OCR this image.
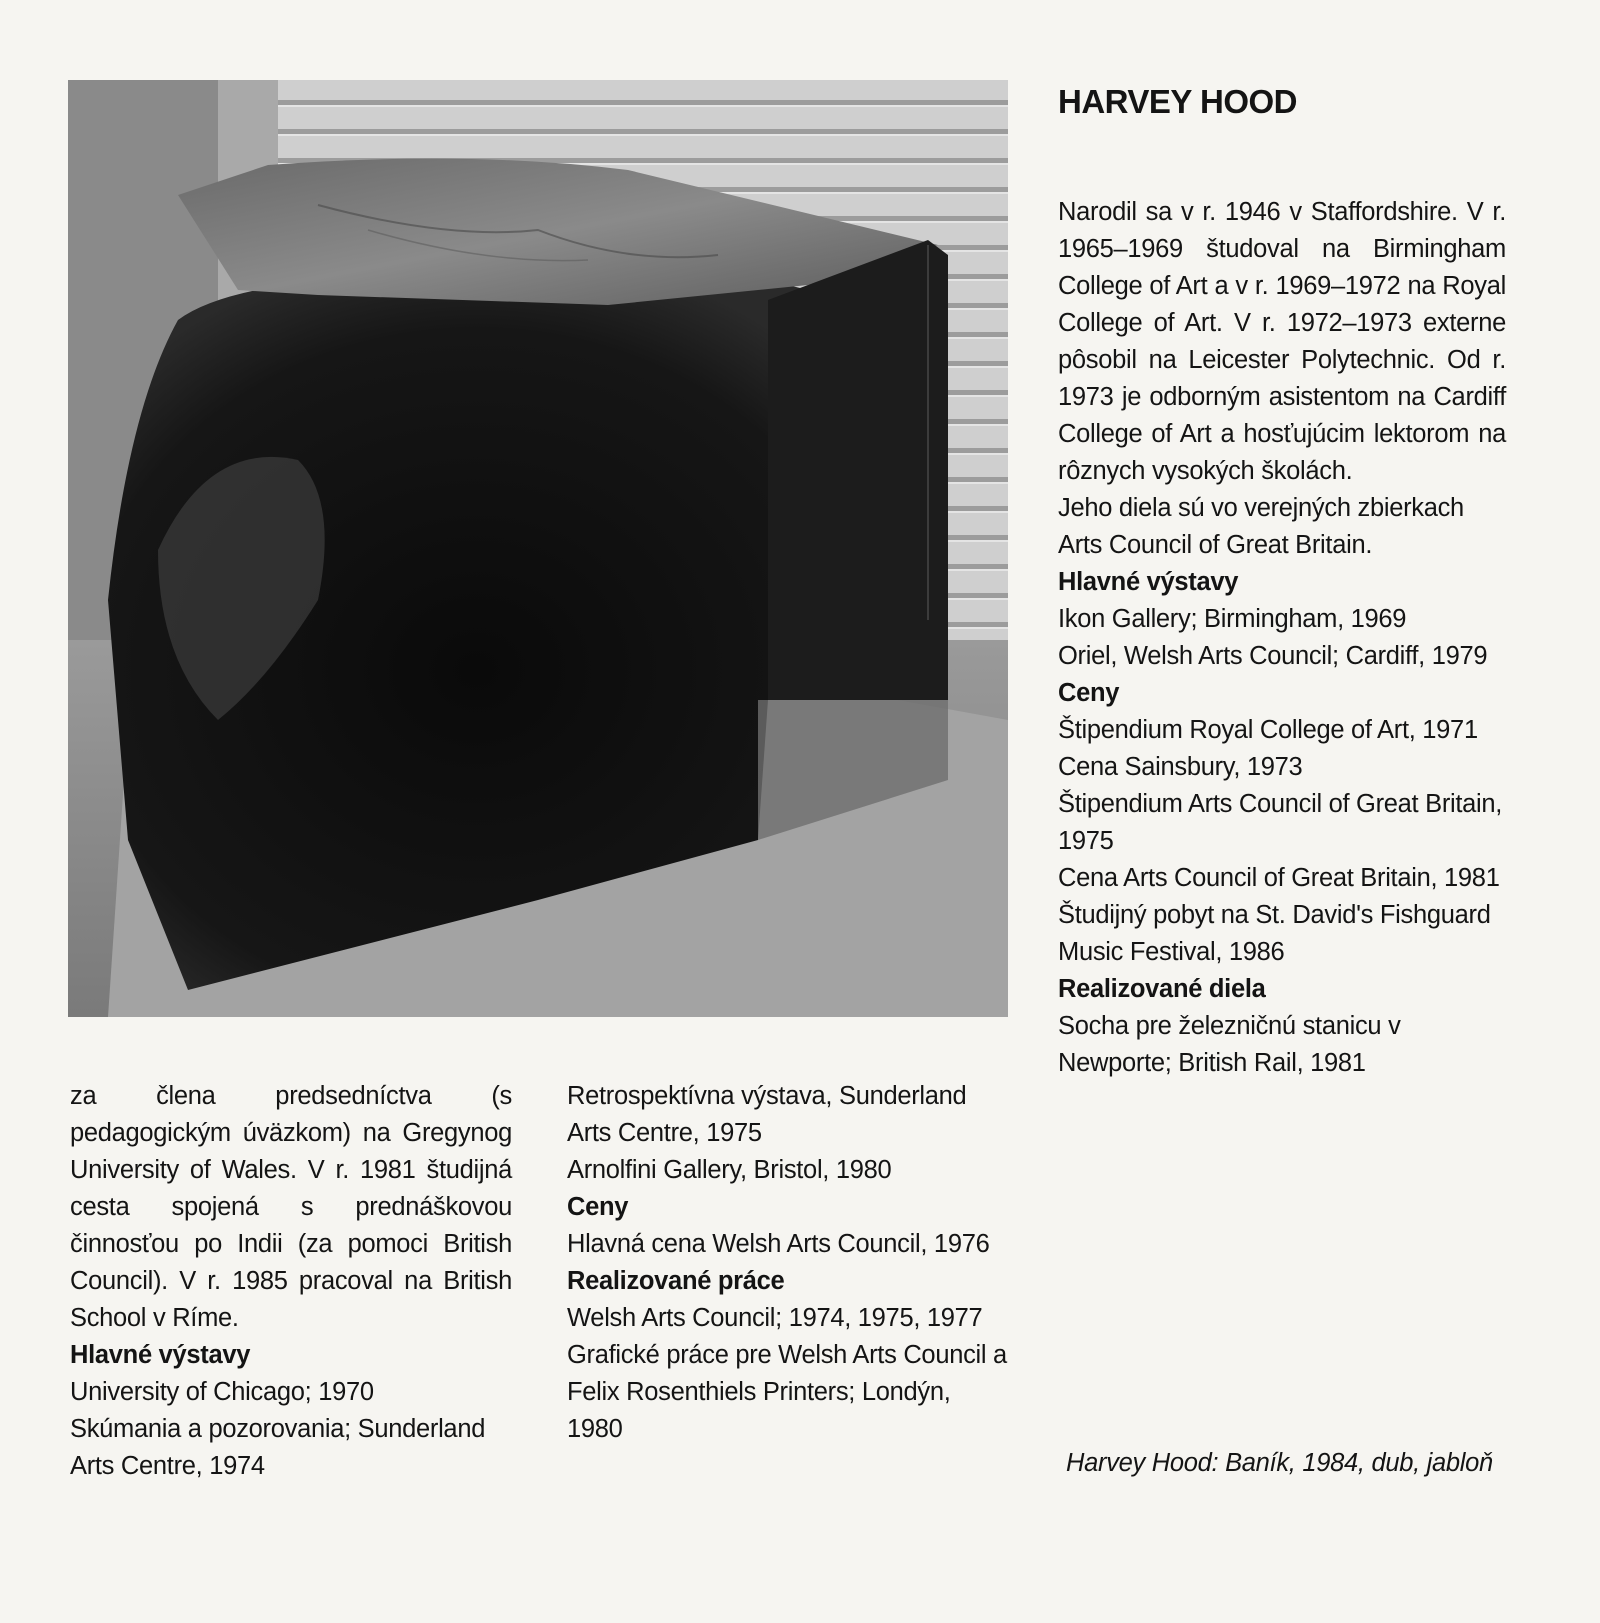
HARVEY HOOD

Narodil sa v r. 1946 v Staffordshire. V r. 1965–1969 študoval na Birmingham College of Art a v r. 1969–1972 na Royal College of Art. V r. 1972–1973 externe pôsobil na Leicester Polytechnic. Od r. 1973 je odborným asistentom na Cardiff College of Art a hosťujúcim lektorom na rôznych vysokých školách.

Jeho diela sú vo verejných zbierkach Arts Council of Great Britain.

Hlavné výstavy

Ikon Gallery; Birmingham, 1969

Oriel, Welsh Arts Council; Cardiff, 1979

Ceny

Štipendium Royal College of Art, 1971

Cena Sainsbury, 1973

Štipendium Arts Council of Great Britain, 1975

Cena Arts Council of Great Britain, 1981

Študijný pobyt na St. David's Fishguard Music Festival, 1986

Realizované diela

Socha pre železničnú stanicu v Newporte; British Rail, 1981

Harvey Hood: Baník, 1984, dub, jabloň

za člena predsedníctva (s pedagogickým úväzkom) na Gregynog University of Wales. V r. 1981 študijná cesta spojená s prednáškovou činnosťou po Indii (za pomoci British Council). V r. 1985 pracoval na British School v Ríme.

Hlavné výstavy

University of Chicago; 1970

Skúmania a pozorovania; Sunderland Arts Centre, 1974

Retrospektívna výstava, Sunderland Arts Centre, 1975

Arnolfini Gallery, Bristol, 1980

Ceny

Hlavná cena Welsh Arts Council, 1976

Realizované práce

Welsh Arts Council; 1974, 1975, 1977

Grafické práce pre Welsh Arts Council a Felix Rosenthiels Printers; Londýn, 1980
